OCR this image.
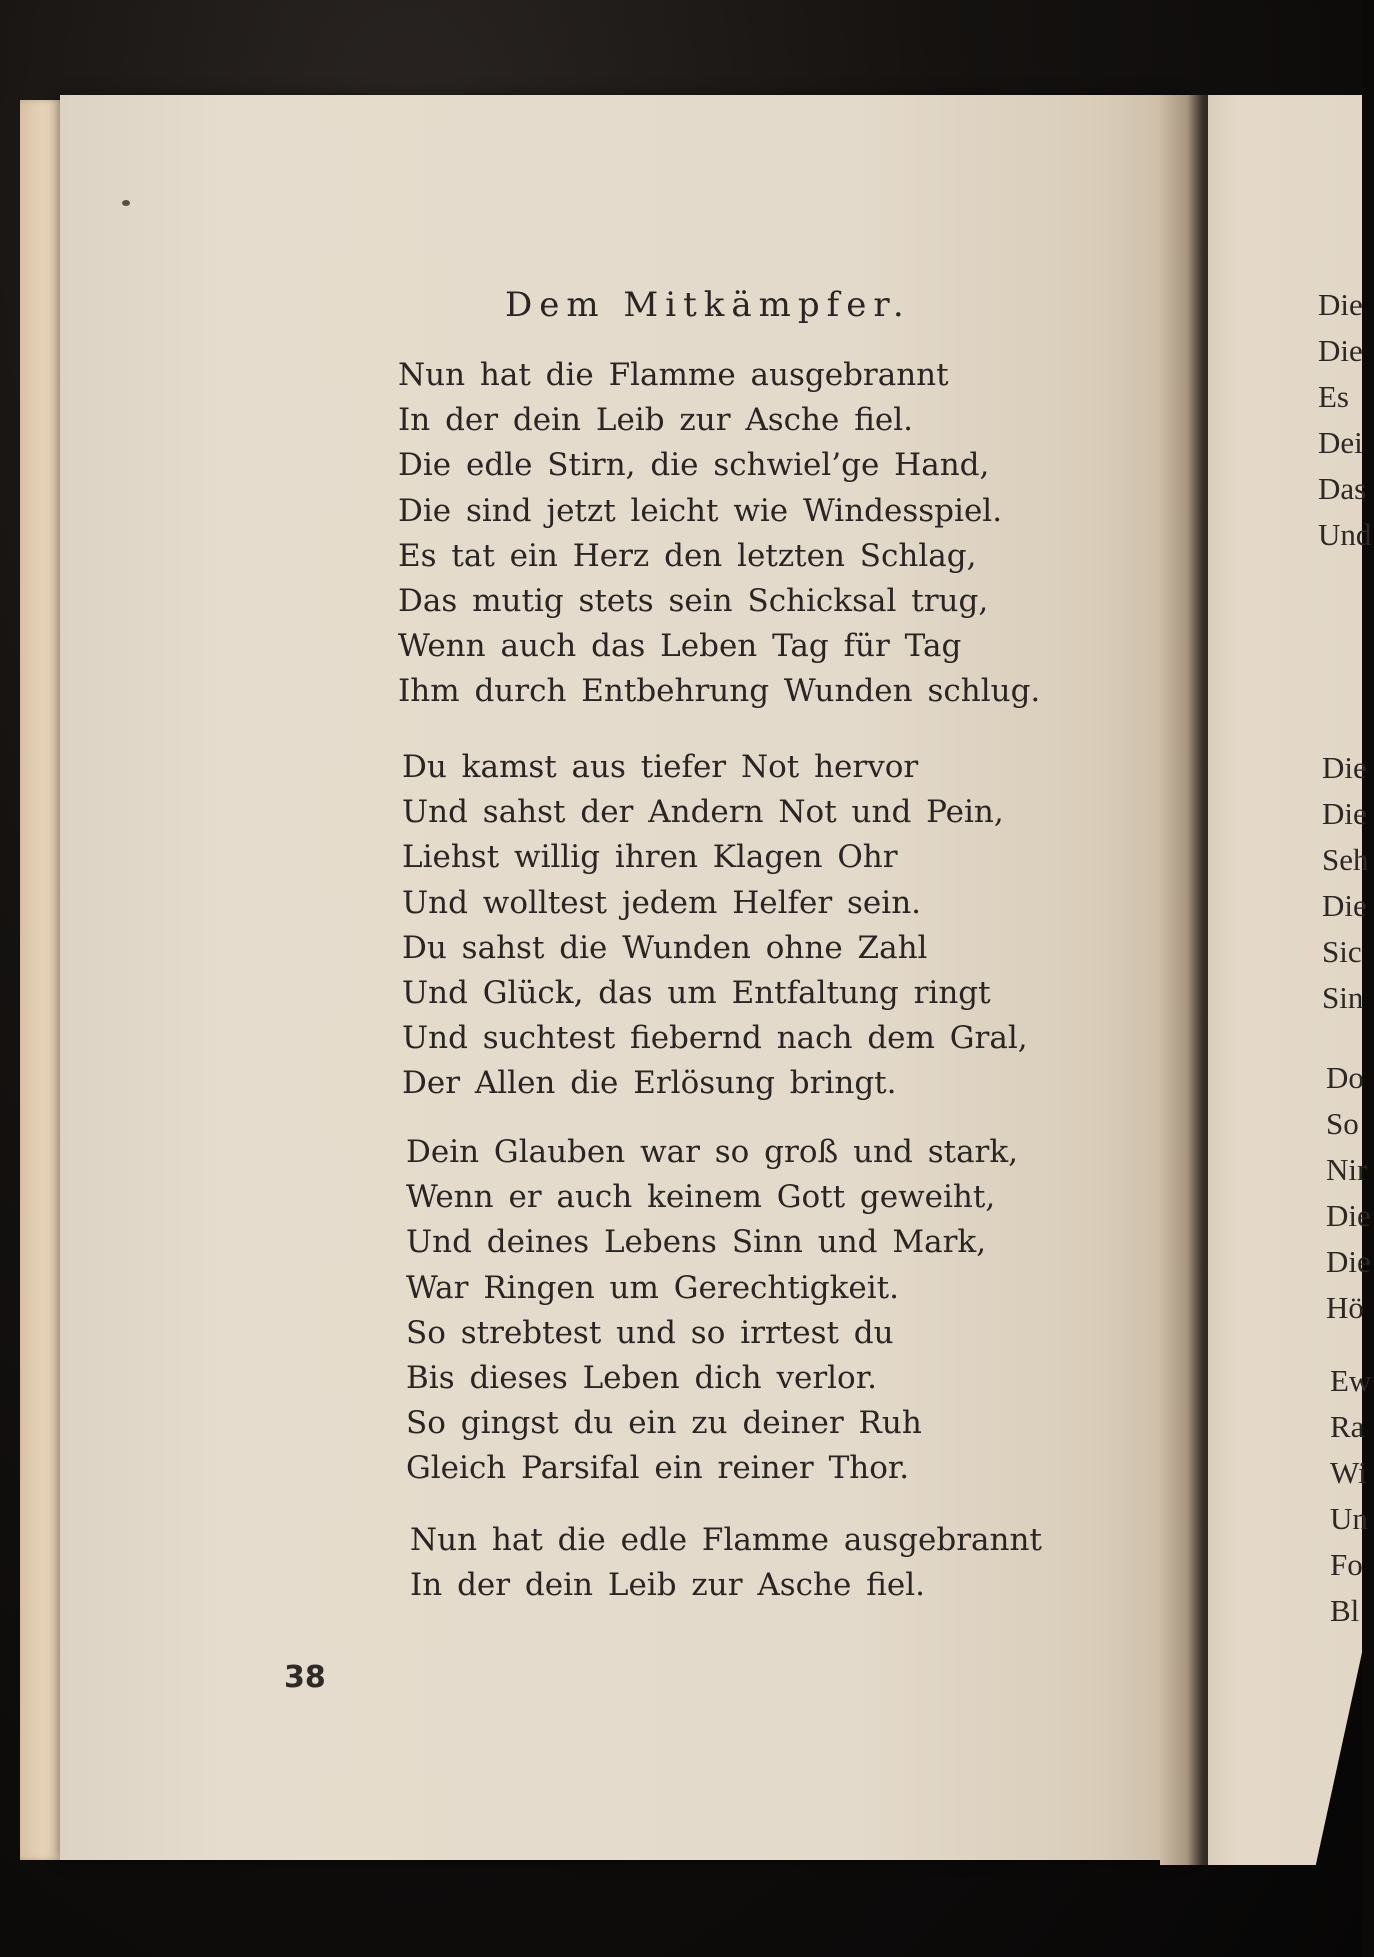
Dem Mitkämpfer.
Nun hat die Flamme ausgebrannt
In der dein Leib zur Asche fiel.
Die edle Stirn, die schwiel’ge Hand,
Die sind jetzt leicht wie Windesspiel.
Es tat ein Herz den letzten Schlag,
Das mutig stets sein Schicksal trug,
Wenn auch das Leben Tag für Tag
Ihm durch Entbehrung Wunden schlug.
Du kamst aus tiefer Not hervor
Und sahst der Andern Not und Pein,
Liehst willig ihren Klagen Ohr
Und wolltest jedem Helfer sein.
Du sahst die Wunden ohne Zahl
Und Glück, das um Entfaltung ringt
Und suchtest fiebernd nach dem Gral,
Der Allen die Erlösung bringt.
Dein Glauben war so groß und stark,
Wenn er auch keinem Gott geweiht,
Und deines Lebens Sinn und Mark,
War Ringen um Gerechtigkeit.
So strebtest und so irrtest du
Bis dieses Leben dich verlor.
So gingst du ein zu deiner Ruh
Gleich Parsifal ein reiner Thor.
Nun hat die edle Flamme ausgebrannt
In der dein Leib zur Asche fiel.
38
Die
Die
Es
Dei
Das
Und
Die
Die
Seh
Die
Sic
Sin
Do
So
Nir
Die
Die
Hö
Ew
Ra
Wi
Un
Fo
Bl
